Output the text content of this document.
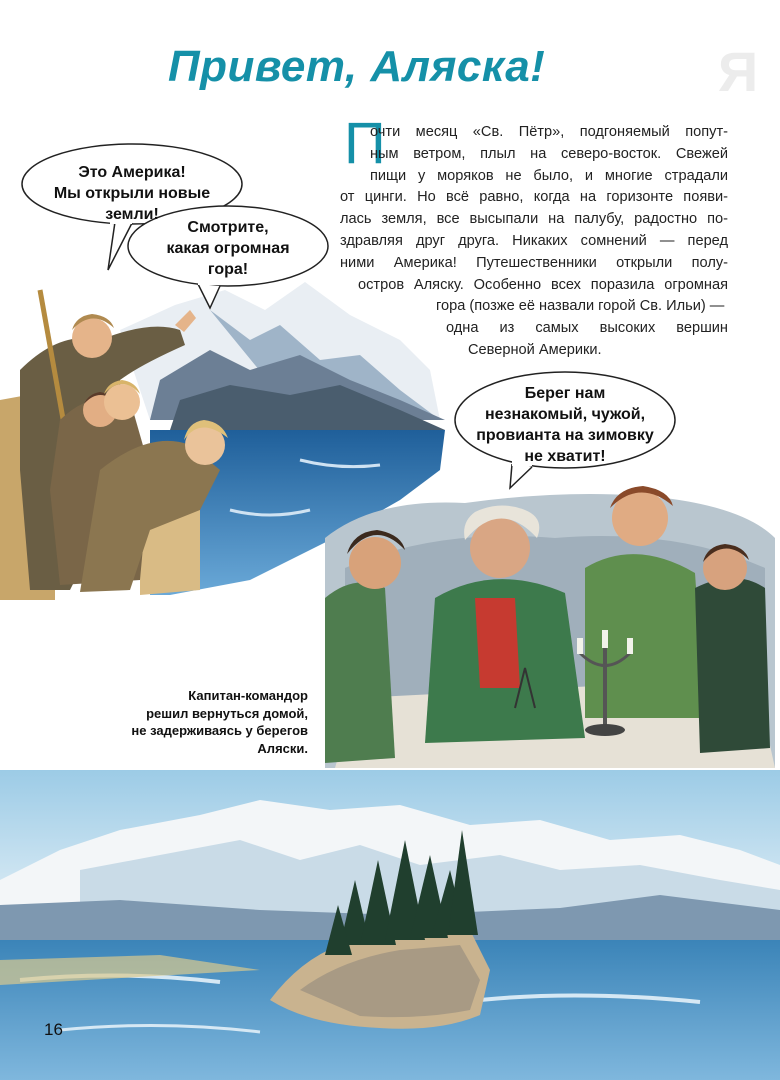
Привет, Аляска!	Я
П
очти месяц «Св. Пётр», подгоняемый попут-
ным ветром, плыл на северо-восток. Свежей
пищи у моряков не было, и многие страдали
от цинги. Но всё равно, когда на горизонте появи-
лась земля, все высыпали на палубу, радостно по-
здравляя друг друга. Никаких сомнений — перед
ними Америка! Путешественники открыли полу-
остров Аляску. Особенно всех поразила огромная
гора (позже её назвали горой Св. Ильи) —
одна из самых высоких вершин
Северной Америки.
Это Америка!
Мы открыли новые
земли!
Смотрите,
какая огромная
гора!
Берег нам
незнакомый, чужой,
провианта на зимовку
не хватит!
Капитан-командор
решил вернуться домой,
не задерживаясь у берегов
Аляски.
16
